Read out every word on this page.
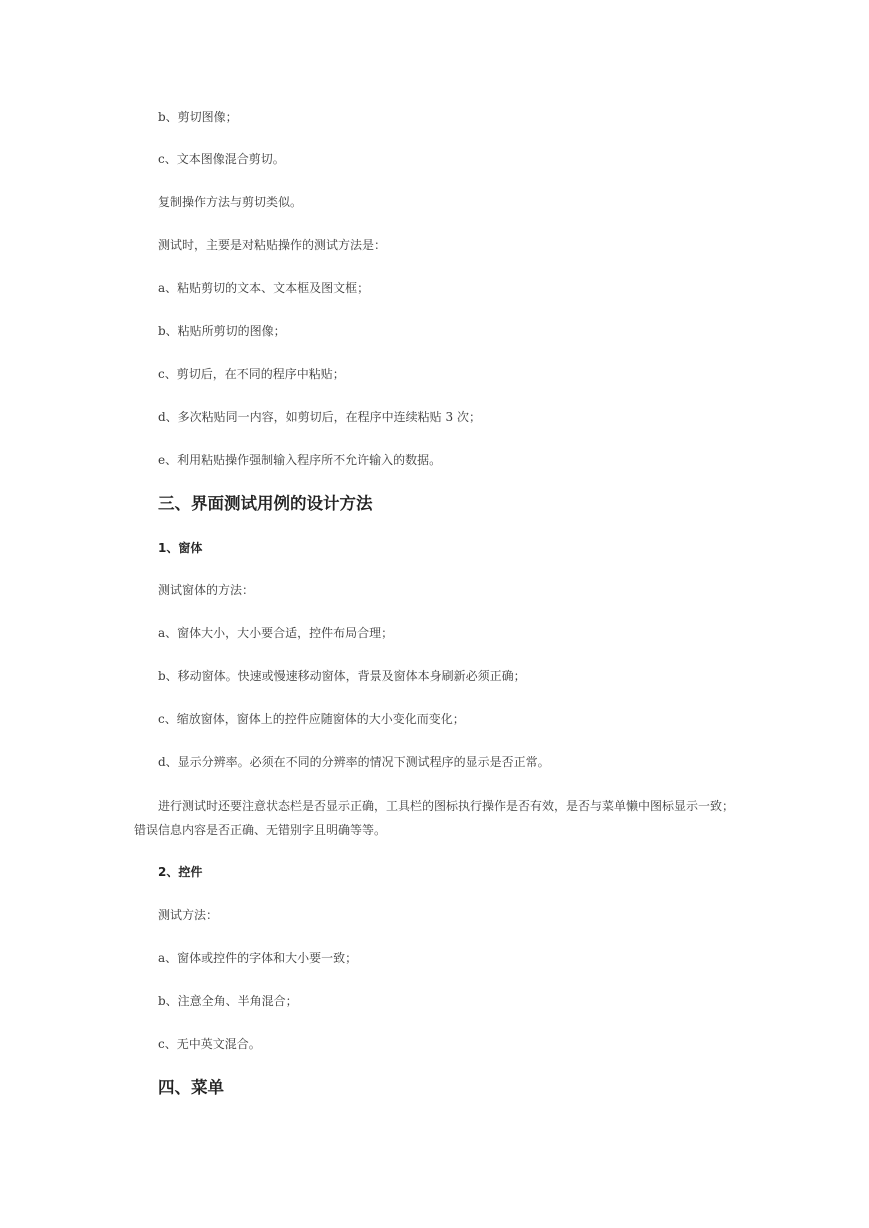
b、剪切图像；
c、文本图像混合剪切。
复制操作方法与剪切类似。
测试时，主要是对粘贴操作的测试方法是：
a、粘贴剪切的文本、文本框及图文框；
b、粘贴所剪切的图像；
c、剪切后，在不同的程序中粘贴；
d、多次粘贴同一内容，如剪切后，在程序中连续粘贴 3 次；
e、利用粘贴操作强制输入程序所不允许输入的数据。
三、界面测试用例的设计方法
1、窗体
测试窗体的方法：
a、窗体大小，大小要合适，控件布局合理；
b、移动窗体。快速或慢速移动窗体，背景及窗体本身刷新必须正确；
c、缩放窗体，窗体上的控件应随窗体的大小变化而变化；
d、显示分辨率。必须在不同的分辨率的情况下测试程序的显示是否正常。
进行测试时还要注意状态栏是否显示正确，工具栏的图标执行操作是否有效，是否与菜单懒中图标显示一致；错误信息内容是否正确、无错别字且明确等等。
2、控件
测试方法：
a、窗体或控件的字体和大小要一致；
b、注意全角、半角混合；
c、无中英文混合。
四、菜单
